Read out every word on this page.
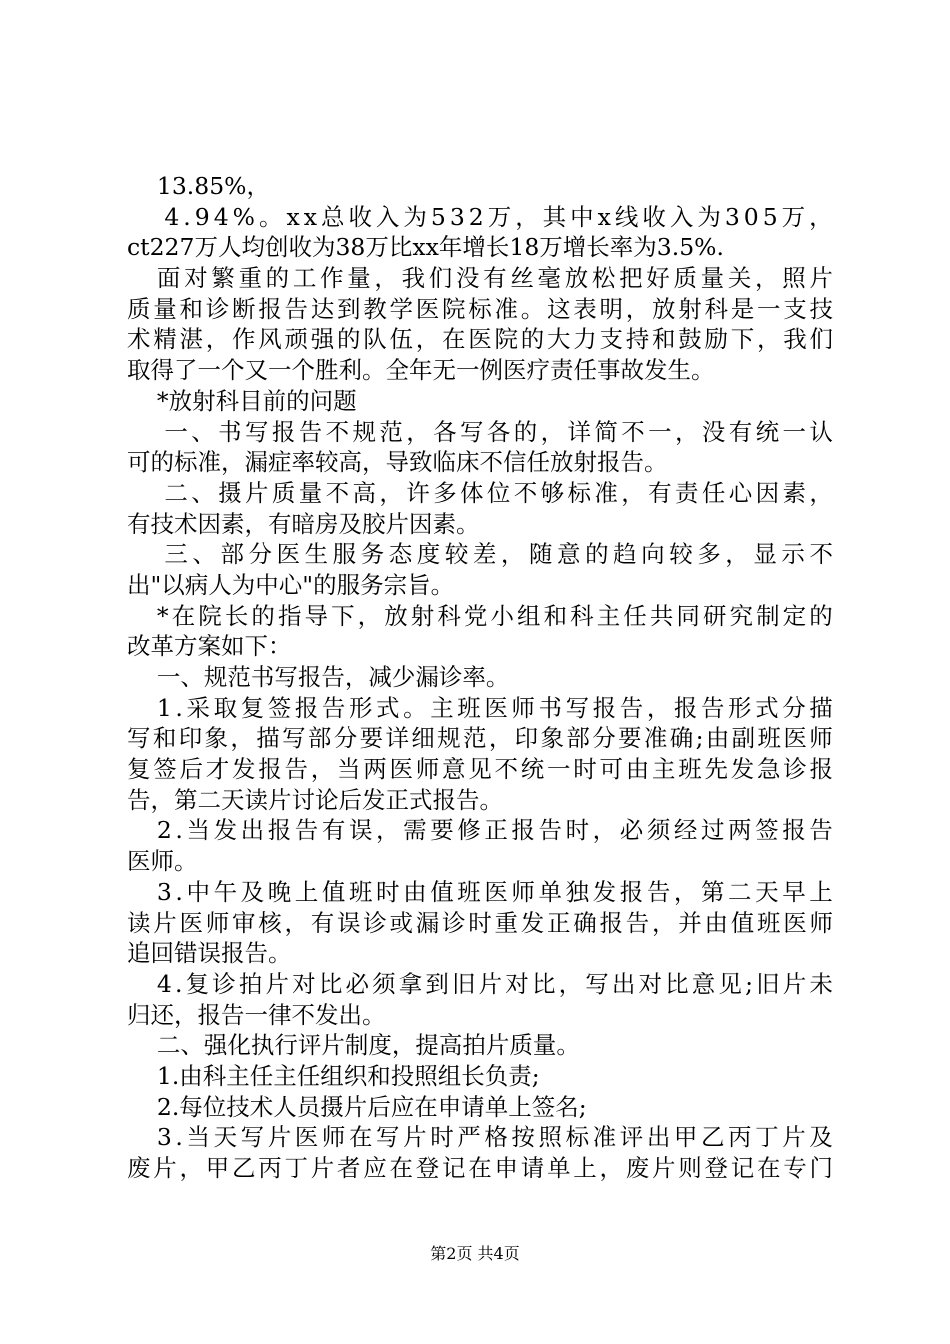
13.85%，
4 . 9 4 % 。 x x 总 收 入 为 5 3 2 万 ， 其 中 x 线 收 入 为 3 0 5 万 ，
ct227万人均创收为38万比xx年增长18万增长率为3.5%.
面 对 繁 重 的 工 作 量 ， 我 们 没 有 丝 毫 放 松 把 好 质 量 关 ， 照 片
质 量 和 诊 断 报 告 达 到 教 学 医 院 标 准 。 这 表 明 ， 放 射 科 是 一 支 技
术 精 湛 ， 作 风 顽 强 的 队 伍 ， 在 医 院 的 大 力 支 持 和 鼓 励 下 ， 我 们
取得了一个又一个胜利。全年无一例医疗责任事故发生。
*放射科目前的问题
一 、 书 写 报 告 不 规 范 ， 各 写 各 的 ， 详 简 不 一 ， 没 有 统 一 认
可的标准，漏症率较高，导致临床不信任放射报告。
二 、 摄 片 质 量 不 高 ， 许 多 体 位 不 够 标 准 ， 有 责 任 心 因 素 ，
有技术因素，有暗房及胶片因素。
三 、 部 分 医 生 服 务 态 度 较 差 ， 随 意 的 趋 向 较 多 ， 显 示 不
出"以病人为中心"的服务宗旨。
* 在 院 长 的 指 导 下 ， 放 射 科 党 小 组 和 科 主 任 共 同 研 究 制 定 的
改革方案如下：
一、规范书写报告，减少漏诊率。
1 . 采 取 复 签 报 告 形 式 。 主 班 医 师 书 写 报 告 ， 报 告 形 式 分 描
写 和 印 象 ， 描 写 部 分 要 详 细 规 范 ， 印 象 部 分 要 准 确 ; 由 副 班 医 师
复 签 后 才 发 报 告 ， 当 两 医 师 意 见 不 统 一 时 可 由 主 班 先 发 急 诊 报
告，第二天读片讨论后发正式报告。
2 . 当 发 出 报 告 有 误 ， 需 要 修 正 报 告 时 ， 必 须 经 过 两 签 报 告
医师。
3 . 中 午 及 晚 上 值 班 时 由 值 班 医 师 单 独 发 报 告 ， 第 二 天 早 上
读 片 医 师 审 核 ， 有 误 诊 或 漏 诊 时 重 发 正 确 报 告 ， 并 由 值 班 医 师
追回错误报告。
4 . 复 诊 拍 片 对 比 必 须 拿 到 旧 片 对 比 ， 写 出 对 比 意 见 ; 旧 片 未
归还，报告一律不发出。
二、强化执行评片制度，提高拍片质量。
1.由科主任主任组织和投照组长负责;
2.每位技术人员摄片后应在申请单上签名;
3 . 当 天 写 片 医 师 在 写 片 时 严 格 按 照 标 准 评 出 甲 乙 丙 丁 片 及
废 片 ， 甲 乙 丙 丁 片 者 应 在 登 记 在 申 请 单 上 ， 废 片 则 登 记 在 专 门
第2页 共4页
